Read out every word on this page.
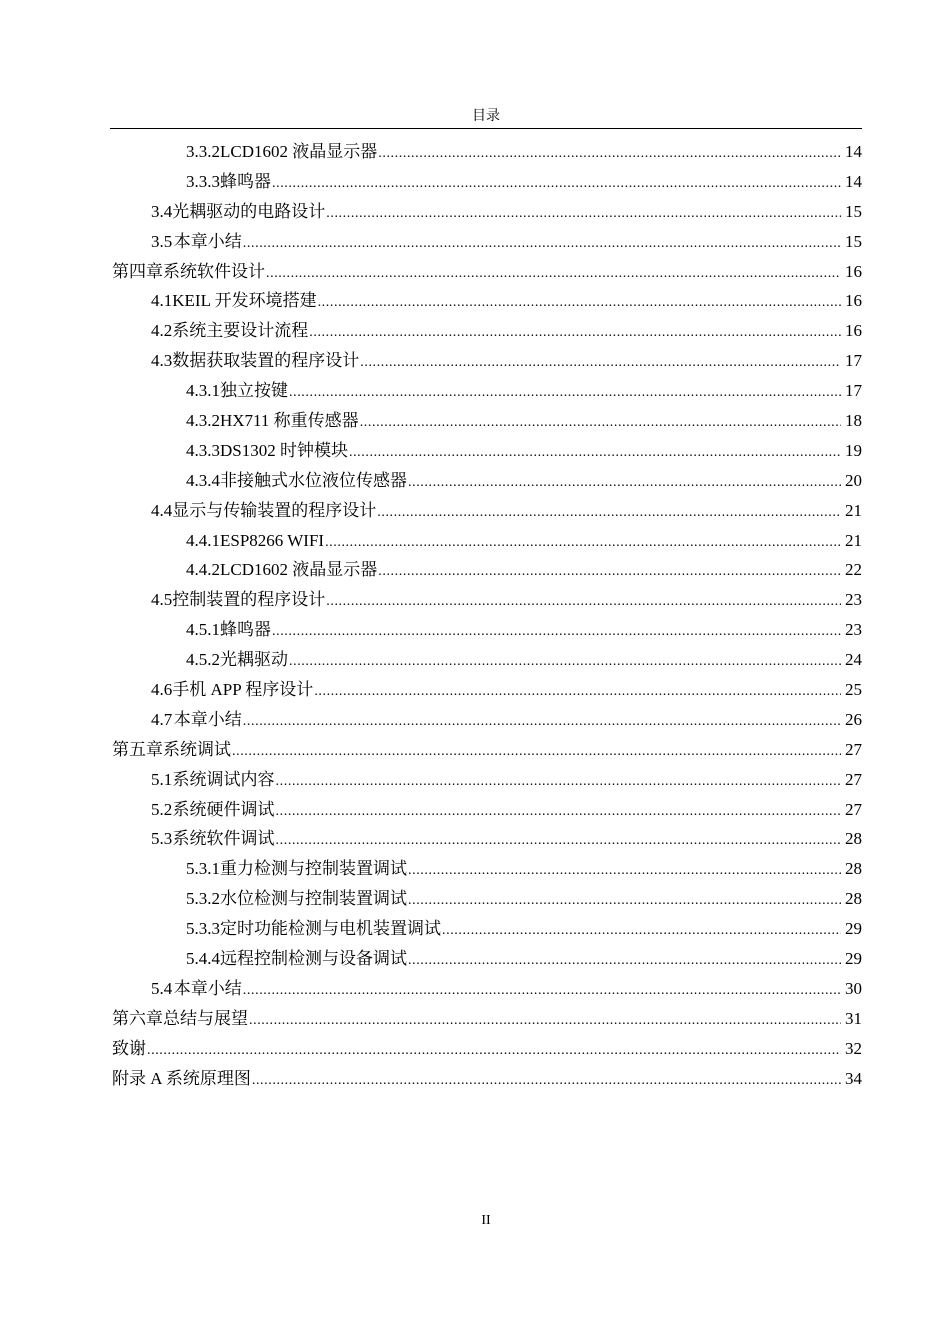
目录
3.3.2 LCD1602 液晶显示器 .....	14
3.3.3 蜂鸣器 .....	14
3.4 光耦驱动的电路设计 .....	15
3.5 本章小结 .....	15
第四章 系统软件设计 .....	16
4.1 KEIL 开发环境搭建 .....	16
4.2 系统主要设计流程 .....	16
4.3 数据获取装置的程序设计 .....	17
4.3.1 独立按键 .....	17
4.3.2 HX711 称重传感器 .....	18
4.3.3 DS1302 时钟模块 .....	19
4.3.4 非接触式水位液位传感器 .....	20
4.4 显示与传输装置的程序设计 .....	21
4.4.1 ESP8266 WIFI .....	21
4.4.2 LCD1602 液晶显示器 .....	22
4.5 控制装置的程序设计 .....	23
4.5.1 蜂鸣器 .....	23
4.5.2 光耦驱动 .....	24
4.6 手机 APP 程序设计 .....	25
4.7 本章小结 .....	26
第五章 系统调试 .....	27
5.1 系统调试内容 .....	27
5.2 系统硬件调试 .....	27
5.3 系统软件调试 .....	28
5.3.1 重力检测与控制装置调试 .....	28
5.3.2 水位检测与控制装置调试 .....	28
5.3.3 定时功能检测与电机装置调试 .....	29
5.4.4 远程控制检测与设备调试 .....	29
5.4 本章小结 .....	30
第六章 总结与展望 .....	31
致谢 .....	32
附录 A 系统原理图 .....	34
II
